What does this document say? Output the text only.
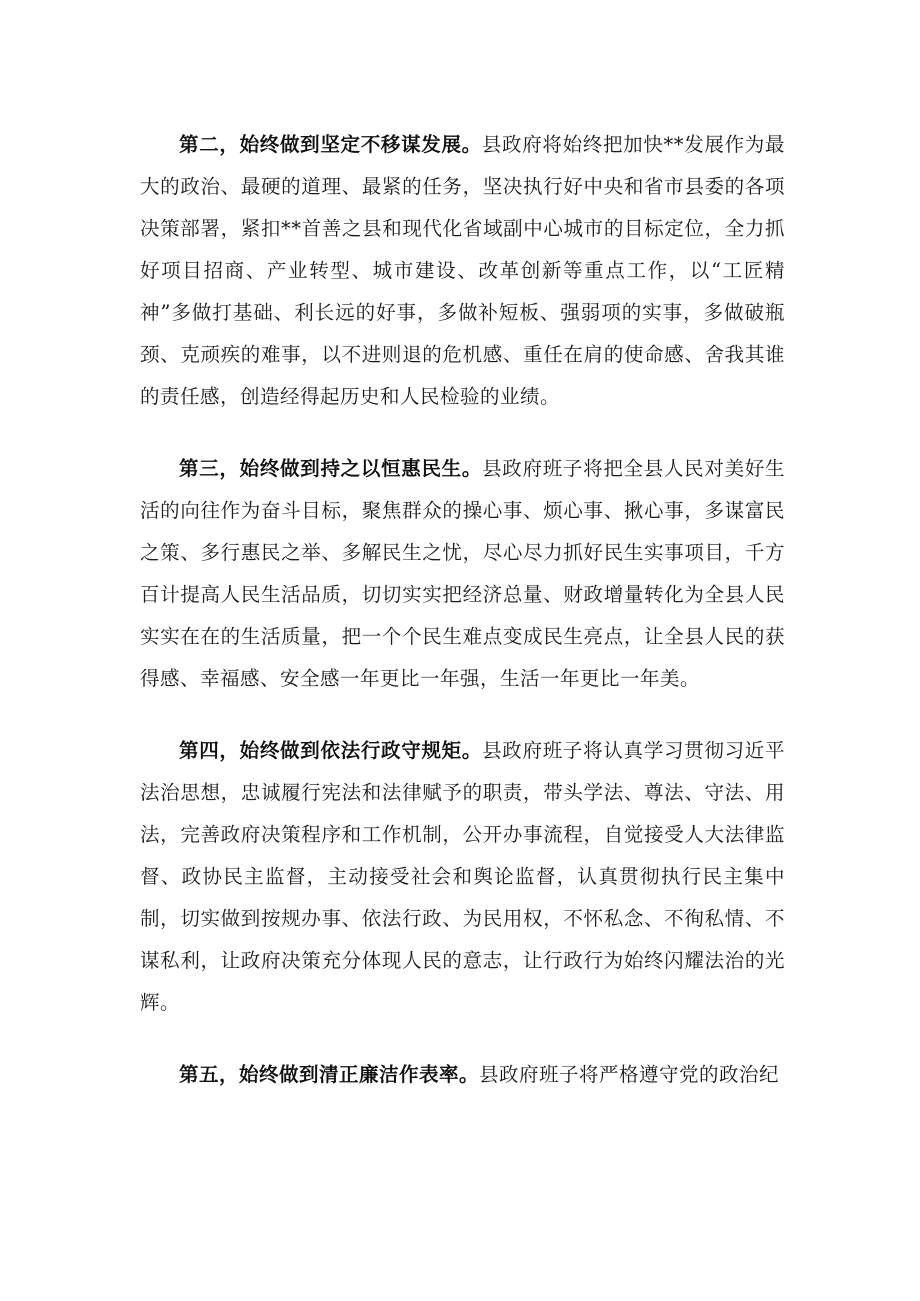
第二，始终做到坚定不移谋发展。县政府将始终把加快**发展作为最大的政治、最硬的道理、最紧的任务，坚决执行好中央和省市县委的各项决策部署，紧扣**首善之县和现代化省域副中心城市的目标定位，全力抓好项目招商、产业转型、城市建设、改革创新等重点工作，以“工匠精神”多做打基础、利长远的好事，多做补短板、强弱项的实事，多做破瓶颈、克顽疾的难事，以不进则退的危机感、重任在肩的使命感、舍我其谁的责任感，创造经得起历史和人民检验的业绩。

第三，始终做到持之以恒惠民生。县政府班子将把全县人民对美好生活的向往作为奋斗目标，聚焦群众的操心事、烦心事、揪心事，多谋富民之策、多行惠民之举、多解民生之忧，尽心尽力抓好民生实事项目，千方百计提高人民生活品质，切切实实把经济总量、财政增量转化为全县人民实实在在的生活质量，把一个个民生难点变成民生亮点，让全县人民的获得感、幸福感、安全感一年更比一年强，生活一年更比一年美。

第四，始终做到依法行政守规矩。县政府班子将认真学习贯彻习近平法治思想，忠诚履行宪法和法律赋予的职责，带头学法、尊法、守法、用法，完善政府决策程序和工作机制，公开办事流程，自觉接受人大法律监督、政协民主监督，主动接受社会和舆论监督，认真贯彻执行民主集中制，切实做到按规办事、依法行政、为民用权，不怀私念、不徇私情、不谋私利，让政府决策充分体现人民的意志，让行政行为始终闪耀法治的光辉。

第五，始终做到清正廉洁作表率。县政府班子将严格遵守党的政治纪
